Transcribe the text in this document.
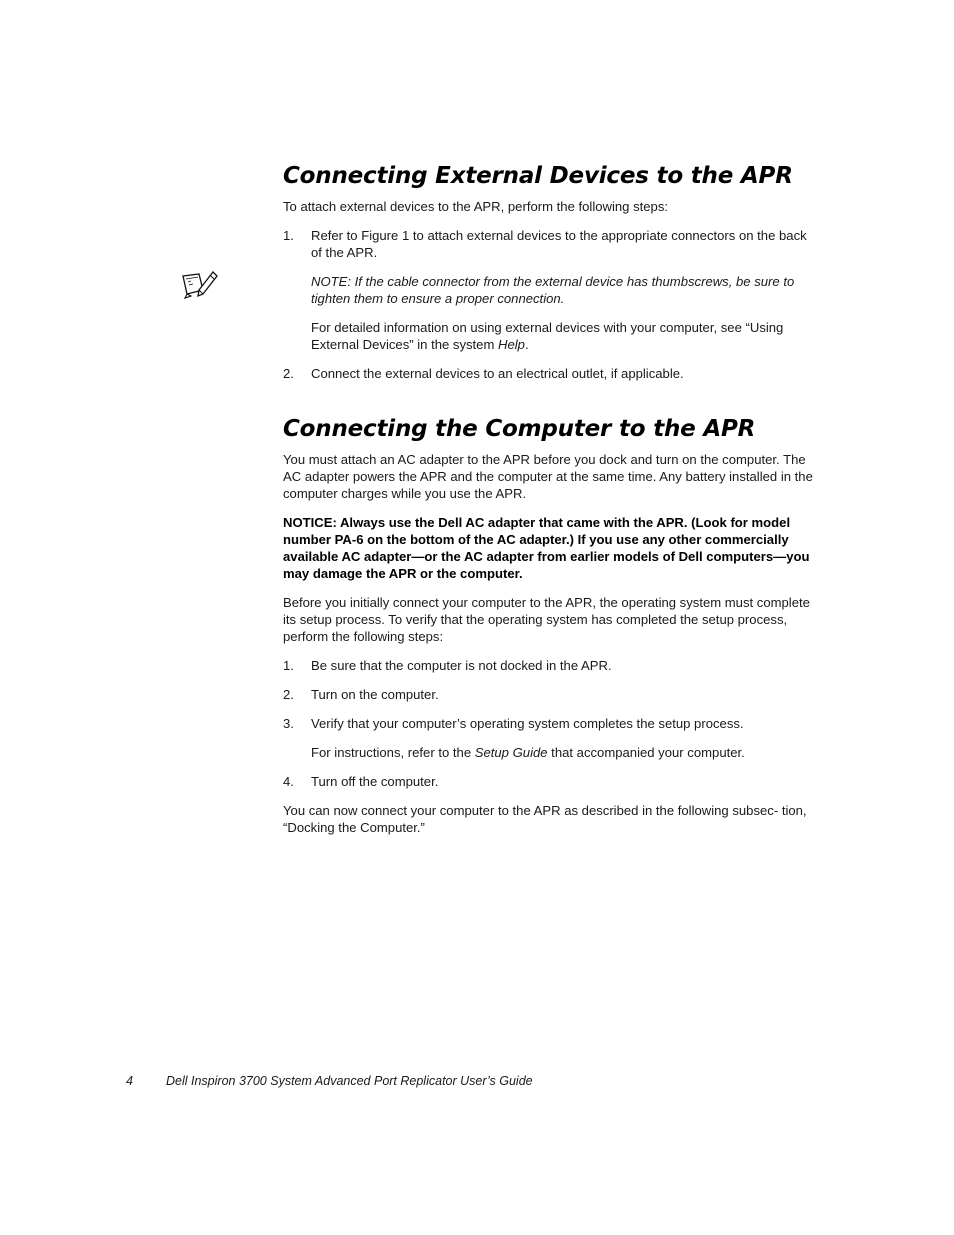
Connecting External Devices to the APR

To attach external devices to the APR, perform the following steps:

1. Refer to Figure 1 to attach external devices to the appropriate connectors on the back of the APR.
NOTE: If the cable connector from the external device has thumbscrews, be sure to tighten them to ensure a proper connection.

For detailed information on using external devices with your computer, see “Using External Devices” in the system Help.

2. Connect the external devices to an electrical outlet, if applicable.
Connecting the Computer to the APR

You must attach an AC adapter to the APR before you dock and turn on the computer. The AC adapter powers the APR and the computer at the same time. Any battery installed in the computer charges while you use the APR.

NOTICE: Always use the Dell AC adapter that came with the APR. (Look for model number PA-6 on the bottom of the AC adapter.) If you use any other commercially available AC adapter—or the AC adapter from earlier models of Dell computers—you may damage the APR or the computer.

Before you initially connect your computer to the APR, the operating system must complete its setup process. To verify that the operating system has completed the setup process, perform the following steps:

1. Be sure that the computer is not docked in the APR.
2. Turn on the computer.
3. Verify that your computer’s operating system completes the setup process.

For instructions, refer to the Setup Guide that accompanied your computer.

4. Turn off the computer.

You can now connect your computer to the APR as described in the following subsec- tion, “Docking the Computer.”

4	Dell Inspiron 3700 System Advanced Port Replicator User’s Guide
